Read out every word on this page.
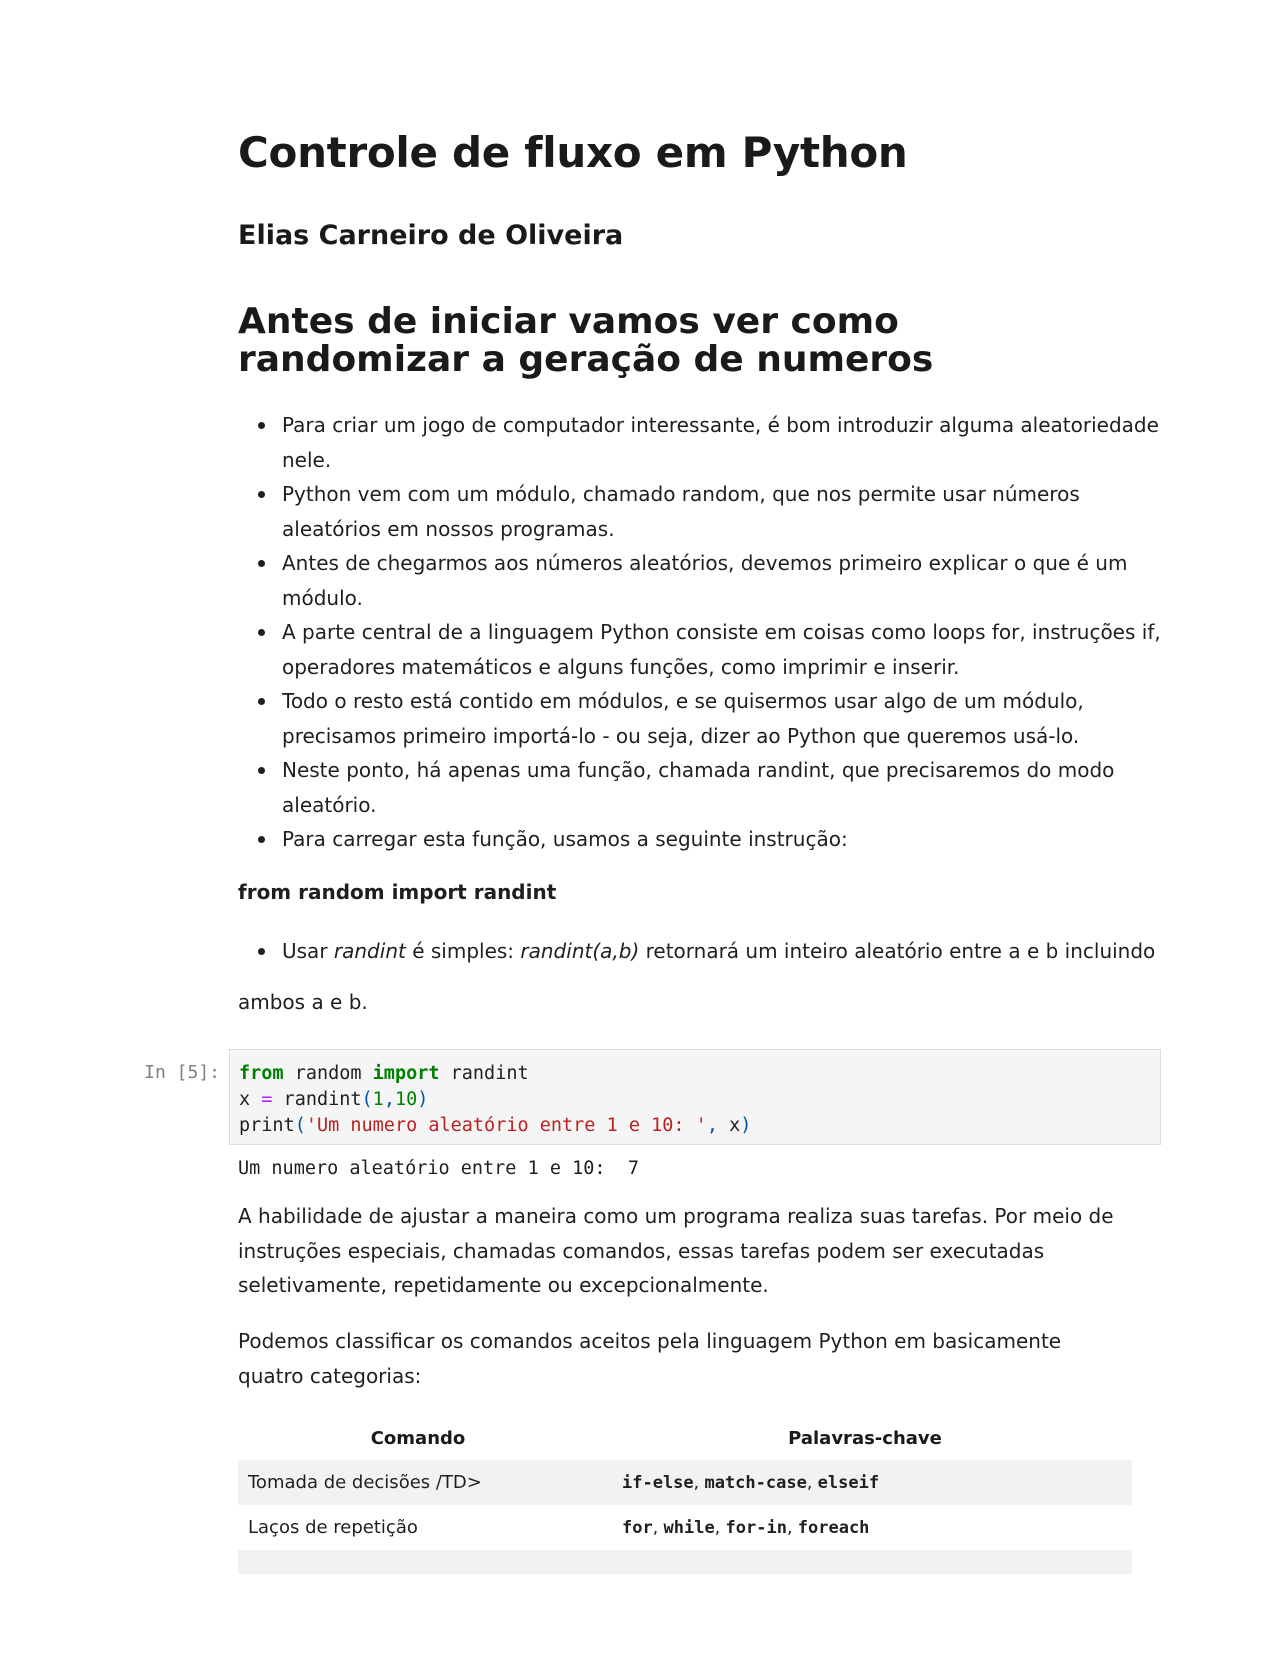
Controle de fluxo em Python
Elias Carneiro de Oliveira
Antes de iniciar vamos ver como randomizar a geração de numeros
Para criar um jogo de computador interessante, é bom introduzir alguma aleatoriedade nele.
Python vem com um módulo, chamado random, que nos permite usar números aleatórios em nossos programas.
Antes de chegarmos aos números aleatórios, devemos primeiro explicar o que é um módulo.
A parte central de a linguagem Python consiste em coisas como loops for, instruções if, operadores matemáticos e alguns funções, como imprimir e inserir.
Todo o resto está contido em módulos, e se quisermos usar algo de um módulo, precisamos primeiro importá-lo - ou seja, dizer ao Python que queremos usá-lo.
Neste ponto, há apenas uma função, chamada randint, que precisaremos do modo aleatório.
Para carregar esta função, usamos a seguinte instrução:

from random import randint

Usar randint é simples: randint(a,b) retornará um inteiro aleatório entre a e b incluindo

ambos a e b.

In [5]: from random import randint
x = randint(1,10)
print('Um numero aleatório entre 1 e 10: ', x)
Um numero aleatório entre 1 e 10:  7

A habilidade de ajustar a maneira como um programa realiza suas tarefas. Por meio de instruções especiais, chamadas comandos, essas tarefas podem ser executadas seletivamente, repetidamente ou excepcionalmente.

Podemos classificar os comandos aceitos pela linguagem Python em basicamente quatro categorias:

Comando	Palavras-chave
Tomada de decisões /TD>	if-else, match-case, elseif
Laços de repetição	for, while, for-in, foreach
